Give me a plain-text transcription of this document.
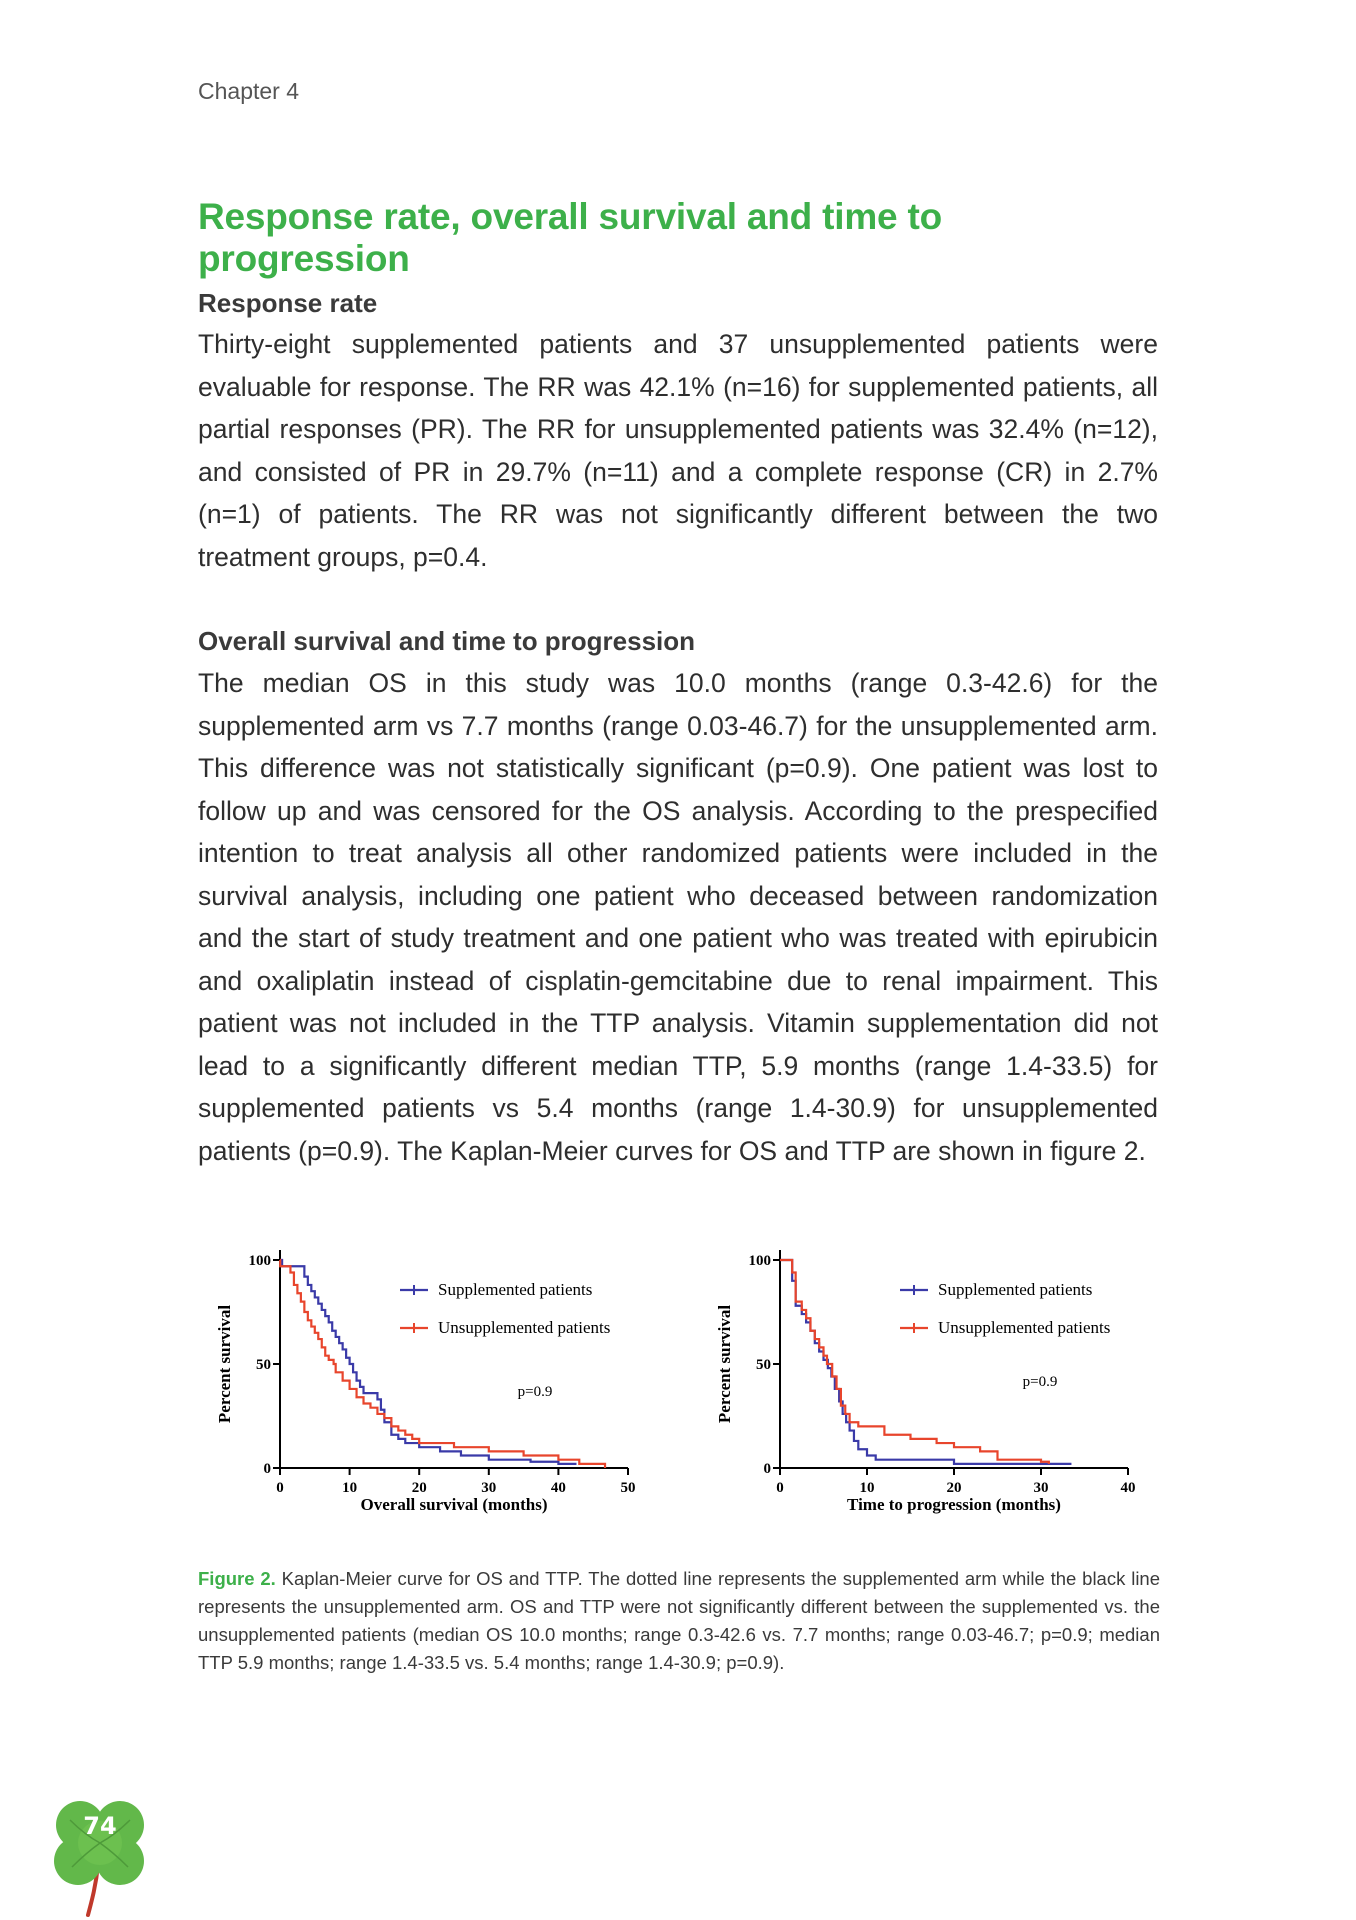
Chapter 4
Response rate, overall survival and time to progression
Response rate

Thirty-eight supplemented patients and 37 unsupplemented patients were evaluable for response. The RR was 42.1% (n=16) for supplemented patients, all partial responses (PR). The RR for unsupplemented patients was 32.4% (n=12), and consisted of PR in 29.7% (n=11) and a complete response (CR) in 2.7% (n=1) of patients. The RR was not significantly different between the two treatment groups, p=0.4.

Overall survival and time to progression

The median OS in this study was 10.0 months (range 0.3-42.6) for the supplemented arm vs 7.7 months (range 0.03-46.7) for the unsupplemented arm. This difference was not statistically significant (p=0.9). One patient was lost to follow up and was censored for the OS analysis. According to the prespecified intention to treat analysis all other randomized patients were included in the survival analysis, including one patient who deceased between randomization and the start of study treatment and one patient who was treated with epirubicin and oxaliplatin instead of cisplatin-gemcitabine due to renal impairment. This patient was not included in the TTP analysis. Vitamin supplementation did not lead to a significantly different median TTP, 5.9 months (range 1.4-33.5) for supplemented patients vs 5.4 months (range 1.4-30.9) for unsupplemented patients (p=0.9). The Kaplan-Meier curves for OS and TTP are shown in figure 2.

0	10	20	30	40	50
0
50
100
Overall survival (months)
Percent survival
Supplemented patients
Unsupplemented patients
p=0.9
0	10	20	30	40
0
50
100
Time to progression (months)
Percent survival
Supplemented patients
Unsupplemented patients
p=0.9

Figure 2. Kaplan-Meier curve for OS and TTP. The dotted line represents the supplemented arm while the black line represents the unsupplemented arm. OS and TTP were not significantly different between the supplemented vs. the unsupplemented patients (median OS 10.0 months; range 0.3-42.6 vs. 7.7 months; range 0.03-46.7; p=0.9; median TTP 5.9 months; range 1.4-33.5 vs. 5.4 months; range 1.4-30.9; p=0.9).

74
